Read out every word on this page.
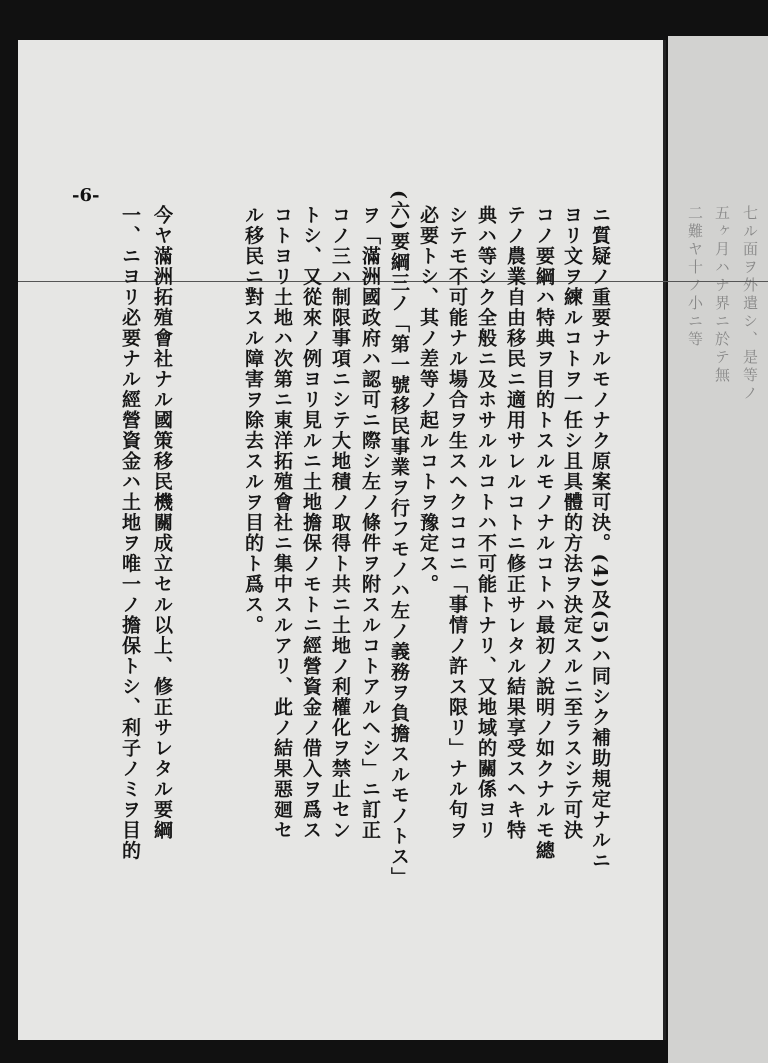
-6-
ニ質疑ノ重要ナルモノナク原案可決。(4)及(5)ハ同シク補助規定ナルニ
ヨリ文ヲ練ルコトヲ一任シ且具體的方法ヲ決定スルニ至ラスシテ可決
コノ要綱ハ特典ヲ目的トスルモノナルコトハ最初ノ說明ノ如クナルモ總
テノ農業自由移民ニ適用サレルコトニ修正サレタル結果享受スヘキ特
典ハ等シク全般ニ及ホサルルコトハ不可能トナリ、又地域的關係ヨリ
シテモ不可能ナル場合ヲ生スヘクココニ「事情ノ許ス限リ」ナル句ヲ
必要トシ、其ノ差等ノ起ルコトヲ豫定ス。
(六)要綱三ノ「第一號移民事業ヲ行フモノハ左ノ義務ヲ負擔スルモノトス」
ヲ「滿洲國政府ハ認可ニ際シ左ノ條件ヲ附スルコトアルヘシ」ニ訂正
コノ三ハ制限事項ニシテ大地積ノ取得ト共ニ土地ノ利權化ヲ禁止セン
トシ、又從來ノ例ヨリ見ルニ土地擔保ノモトニ經營資金ノ借入ヲ爲ス
コトヨリ土地ハ次第ニ東洋拓殖會社ニ集中スルアリ、此ノ結果惡廻セ
ル移民ニ對スル障害ヲ除去スルヲ目的ト爲ス。
今ヤ滿洲拓殖會社ナル國策移民機關成立セル以上、修正サレタル要綱
一、ニヨリ必要ナル經營資金ハ土地ヲ唯一ノ擔保トシ、利子ノミヲ目的	七ル面ヲ外遣シ、是等ノ
五ヶ月ハナ界ニ於テ無
二難ヤ十ノ小ニ等
